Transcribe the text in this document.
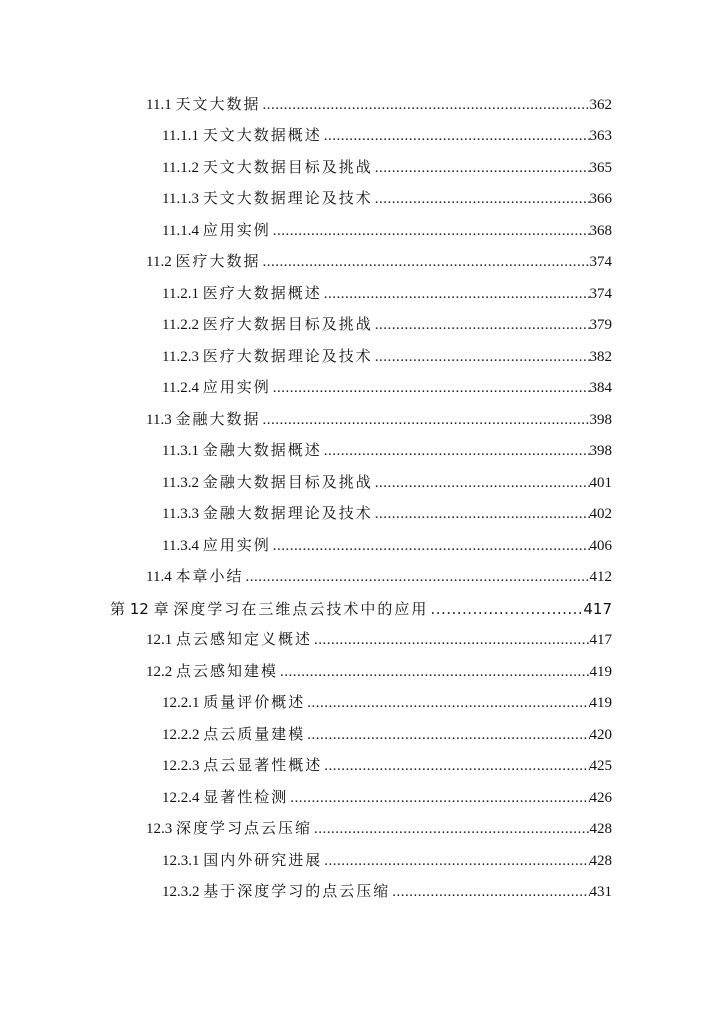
11.1 天文大数据 .....	362
11.1.1 天文大数据概述 .....	363
11.1.2 天文大数据目标及挑战 .....	365
11.1.3 天文大数据理论及技术 .....	366
11.1.4 应用实例 .....	368
11.2 医疗大数据 .....	374
11.2.1 医疗大数据概述 .....	374
11.2.2 医疗大数据目标及挑战 .....	379
11.2.3 医疗大数据理论及技术 .....	382
11.2.4 应用实例 .....	384
11.3 金融大数据 .....	398
11.3.1 金融大数据概述 .....	398
11.3.2 金融大数据目标及挑战 .....	401
11.3.3 金融大数据理论及技术 .....	402
11.3.4 应用实例 .....	406
11.4 本章小结 .....	412
第 12 章 深度学习在三维点云技术中的应用 .....	417
12.1 点云感知定义概述 .....	417
12.2 点云感知建模 .....	419
12.2.1 质量评价概述 .....	419
12.2.2 点云质量建模 .....	420
12.2.3 点云显著性概述 .....	425
12.2.4 显著性检测 .....	426
12.3 深度学习点云压缩 .....	428
12.3.1 国内外研究进展 .....	428
12.3.2 基于深度学习的点云压缩 .....	431
